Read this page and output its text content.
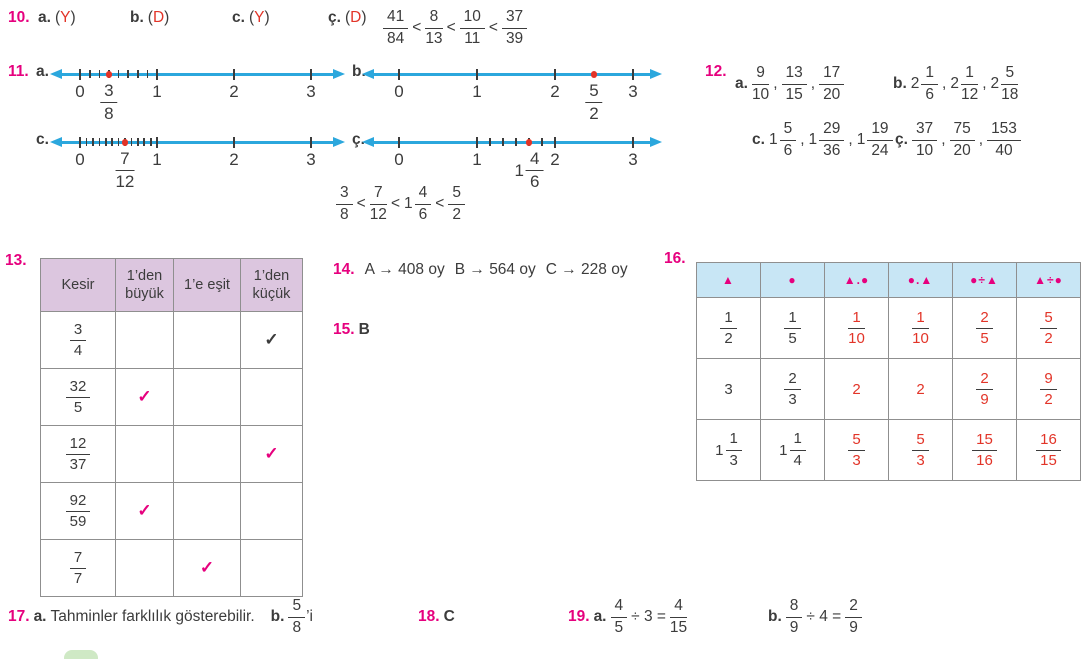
10. a. (Y)	b. (D)	c. (Y)	ç. $(D) \frac{41}{84} < \frac{8}{13} < \frac{10}{11} < \frac{37}{39}$
11. a.	b.
c.	ç.
0	1	2	3
$\frac{3}{8}$	0	1	2	3
$\frac{5}{2}$
0	1	2	3
$\frac{7}{12}$	0	1	2	3
$1 \frac{4}{6}$
$\frac{3}{8} < \frac{7}{12} < 1 \frac{4}{6} < \frac{5}{2}$
12.
a. $\frac{9}{10}$ , $\frac{13}{15}$ , $\frac{17}{20}$	b. $2 \frac{1}{6}$ , $2 \frac{1}{12}$ , $2 \frac{5}{18}$
c. $1 \frac{5}{6}$ , $1 \frac{29}{36}$ , $1 \frac{19}{24}$ ç. $\frac{37}{10}$ , $\frac{75}{20}$ , $\frac{153}{40}$
13.
Kesir	1’den büyük	1’e eşit	1’den küçük

$\frac{3}{4}$			✓

$\frac{32}{5}$	✓		

$\frac{12}{37}$			✓

$\frac{92}{59}$	✓		

$\frac{7}{7}$		✓	
14. A → 408 oy B → 564 oy C → 228 oy
15. B
16.
▲	●	▲.●	●.▲	●÷▲	▲÷●

$\frac{1}{2}$	$\frac{1}{5}$	$\frac{1}{10}$	$\frac{1}{10}$	$\frac{2}{5}$	$\frac{5}{2}$

3	$\frac{2}{3}$	2	2	$\frac{2}{9}$	$\frac{9}{2}$

$1 \frac{1}{3}$	$1 \frac{1}{4}$	$\frac{5}{3}$	$\frac{5}{3}$	$\frac{15}{16}$	$\frac{16}{15}$
17. a. Tahminler farklılık gösterebilir. b. $\frac{5}{8}$ ’i	18. C	19. a. $\frac{4}{5} \div 3 = \frac{4}{15}$	b. $\frac{8}{9} \div 4 = \frac{2}{9}$
